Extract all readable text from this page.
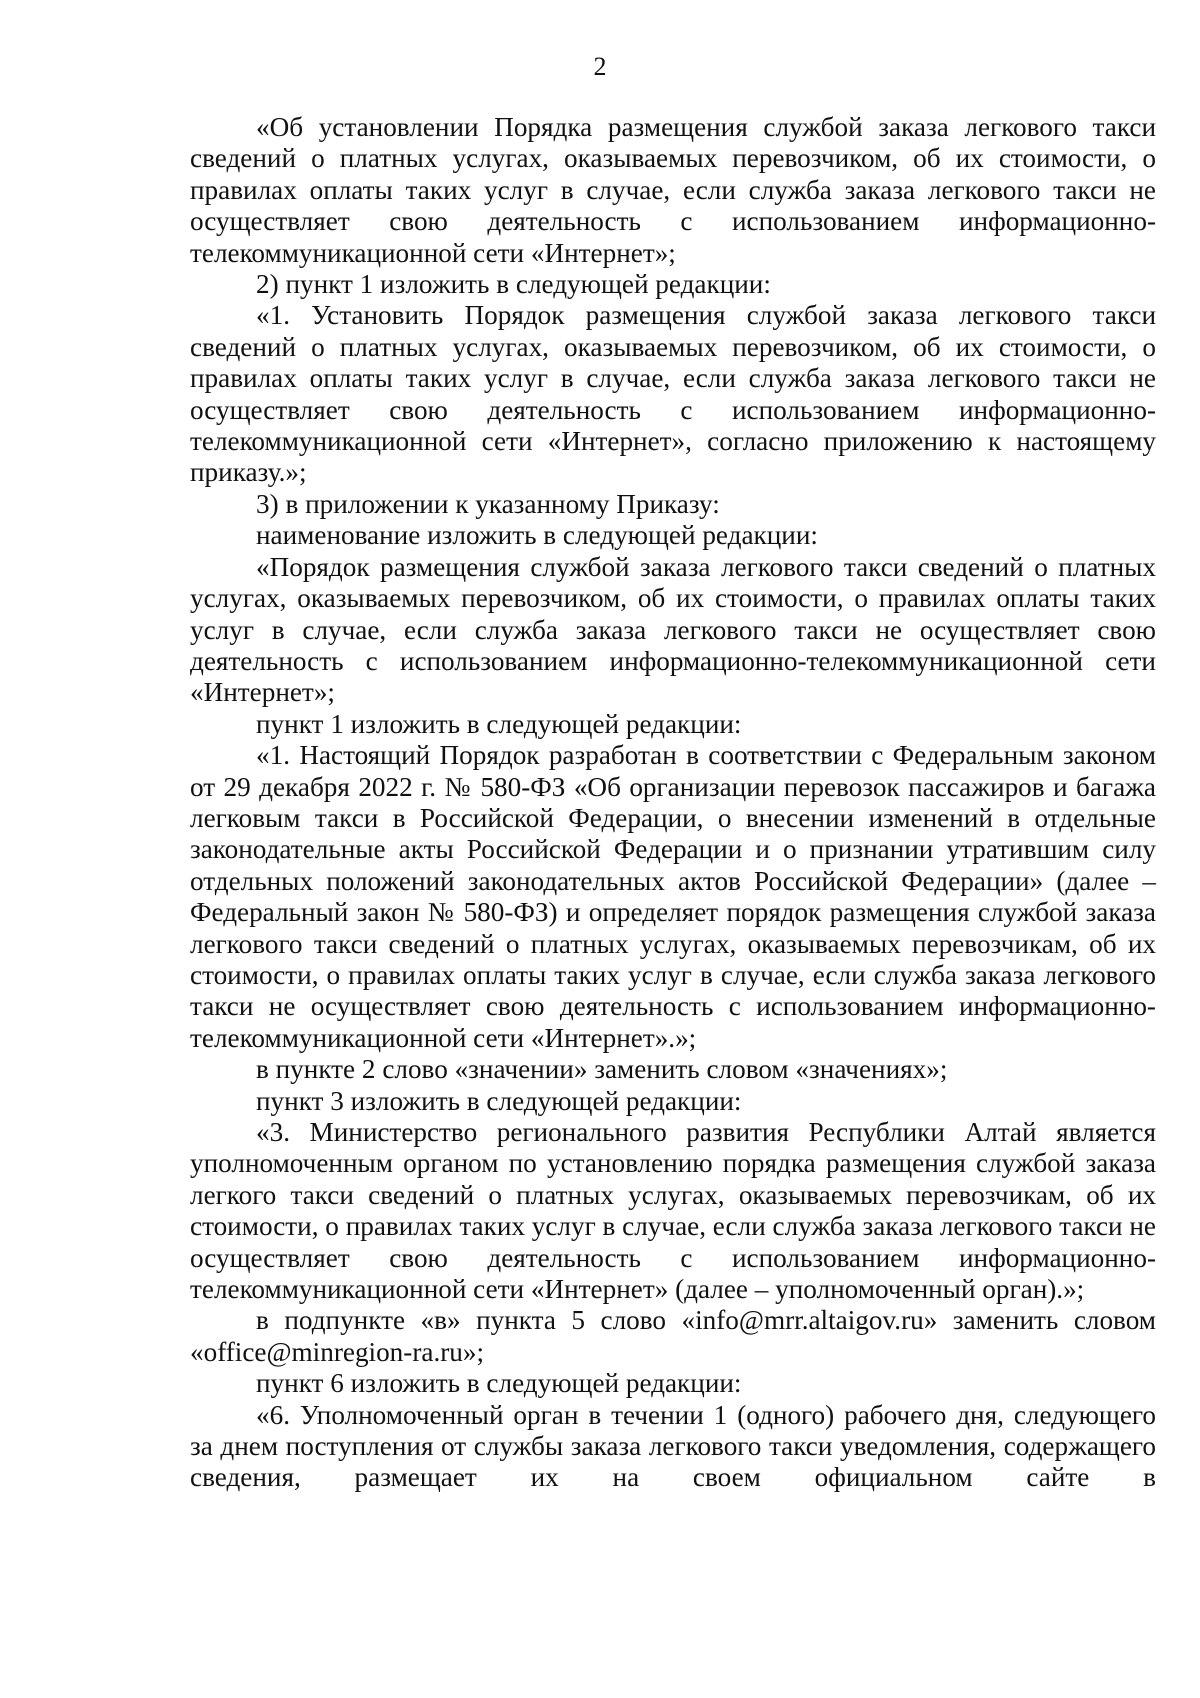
2

«Об установлении Порядка размещения службой заказа легкового такси сведений о платных услугах, оказываемых перевозчиком, об их стоимости, о правилах оплаты таких услуг в случае, если служба заказа легкового такси не осуществляет свою деятельность с использованием информационно-телекоммуникационной сети «Интернет»;

2) пункт 1 изложить в следующей редакции:

«1. Установить Порядок размещения службой заказа легкового такси сведений о платных услугах, оказываемых перевозчиком, об их стоимости, о правилах оплаты таких услуг в случае, если служба заказа легкового такси не осуществляет свою деятельность с использованием информационно-телекоммуникационной сети «Интернет», согласно приложению к настоящему приказу.»;

3) в приложении к указанному Приказу:

наименование изложить в следующей редакции:

«Порядок размещения службой заказа легкового такси сведений о платных услугах, оказываемых перевозчиком, об их стоимости, о правилах оплаты таких услуг в случае, если служба заказа легкового такси не осуществляет свою деятельность с использованием информационно-телекоммуникационной сети «Интернет»;

пункт 1 изложить в следующей редакции:

«1. Настоящий Порядок разработан в соответствии с Федеральным законом от 29 декабря 2022 г. № 580-ФЗ «Об организации перевозок пассажиров и багажа легковым такси в Российской Федерации, о внесении изменений в отдельные законодательные акты Российской Федерации и о признании утратившим силу отдельных положений законодательных актов Российской Федерации» (далее – Федеральный закон № 580-ФЗ) и определяет порядок размещения службой заказа легкового такси сведений о платных услугах, оказываемых перевозчикам, об их стоимости, о правилах оплаты таких услуг в случае, если служба заказа легкового такси не осуществляет свою деятельность с использованием информационно-телекоммуникационной сети «Интернет».»;

в пункте 2 слово «значении» заменить словом «значениях»;

пункт 3 изложить в следующей редакции:

«3. Министерство регионального развития Республики Алтай является уполномоченным органом по установлению порядка размещения службой заказа легкого такси сведений о платных услугах, оказываемых перевозчикам, об их стоимости, о правилах таких услуг в случае, если служба заказа легкового такси не осуществляет свою деятельность с использованием информационно-телекоммуникационной сети «Интернет» (далее – уполномоченный орган).»;

в подпункте «в» пункта 5 слово «info@mrr.altaigov.ru» заменить словом «office@minregion-ra.ru»;

пункт 6 изложить в следующей редакции:

«6. Уполномоченный орган в течении 1 (одного) рабочего дня, следующего за днем поступления от службы заказа легкового такси уведомления, содержащего сведения, размещает их на своем официальном сайте в
